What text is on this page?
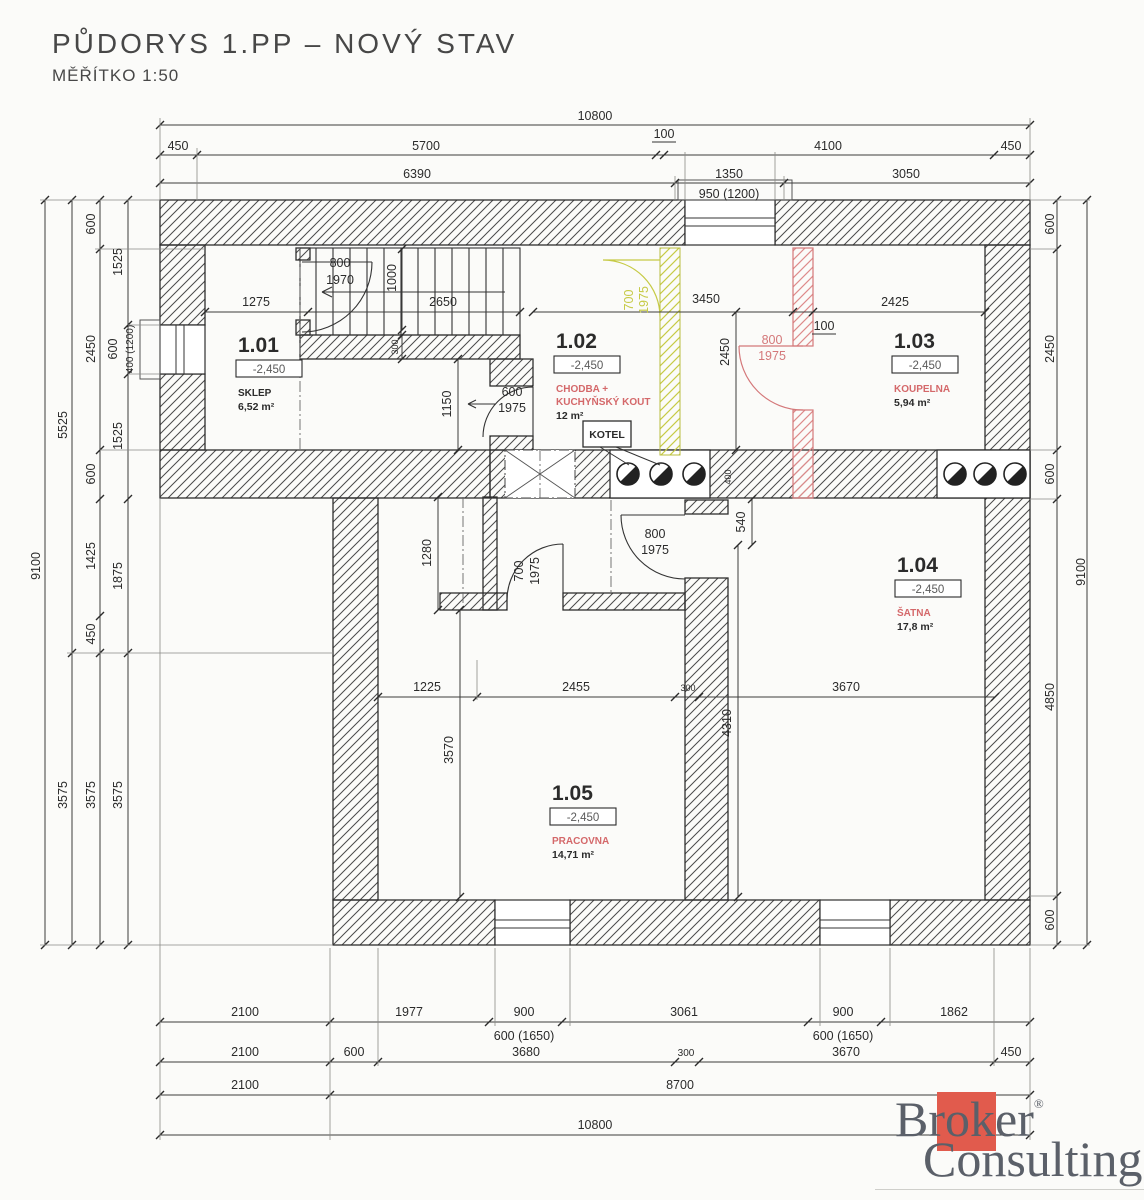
PŮDORYS 1.PP – NOVÝ STAV
MĚŘÍTKO 1:50
10800
450	5700
100
4100	450
6390	1350	3050
950 (1200)
2100	1977	900	3061	900	1862
600 (1650)	600 (1650)
2100	600	3680	300	3670	450
2100	8700
10800
9100
5525
3575
600
2450
600
1425
450
3575
1525
600 400 (1200)
1525
1875
3575
600
2450
600
4850
600
9100
1275
800
1970 1000
2650
300
1150	600
1975
3450
100
2450
700 1975
800
1975
2425
400
540
800
1975
700 1975
1280
1225	2455	300	3670
3570
4310
KOTEL
1.01
-2,450
SKLEP
6,52 m²
1.02
-2,450
CHODBA +
KUCHYŇSKÝ KOUT
12 m²
1.03
-2,450
KOUPELNA
5,94 m²
1.04
-2,450
ŠATNA
17,8 m²
1.05
-2,450
PRACOVNA
14,71 m²
Broker®
Consulting
